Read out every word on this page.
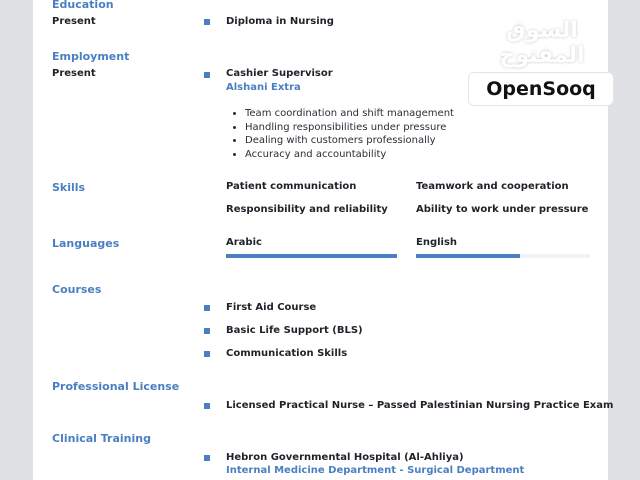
Education
Present	Diploma in Nursing
Employment
Present	Cashier Supervisor
Alshani Extra
• Team coordination and shift management
• Handling responsibilities under pressure
• Dealing with customers professionally
• Accuracy and accountability
Skills	Patient communication	Teamwork and cooperation
Responsibility and reliability	Ability to work under pressure
Languages	Arabic	English
Courses
First Aid Course
Basic Life Support (BLS)
Communication Skills
Professional License
Licensed Practical Nurse – Passed Palestinian Nursing Practice Exam
Clinical Training
Hebron Governmental Hospital (Al-Ahliya)
Internal Medicine Department - Surgical Department
السوق المفتوح
OpenSooq
